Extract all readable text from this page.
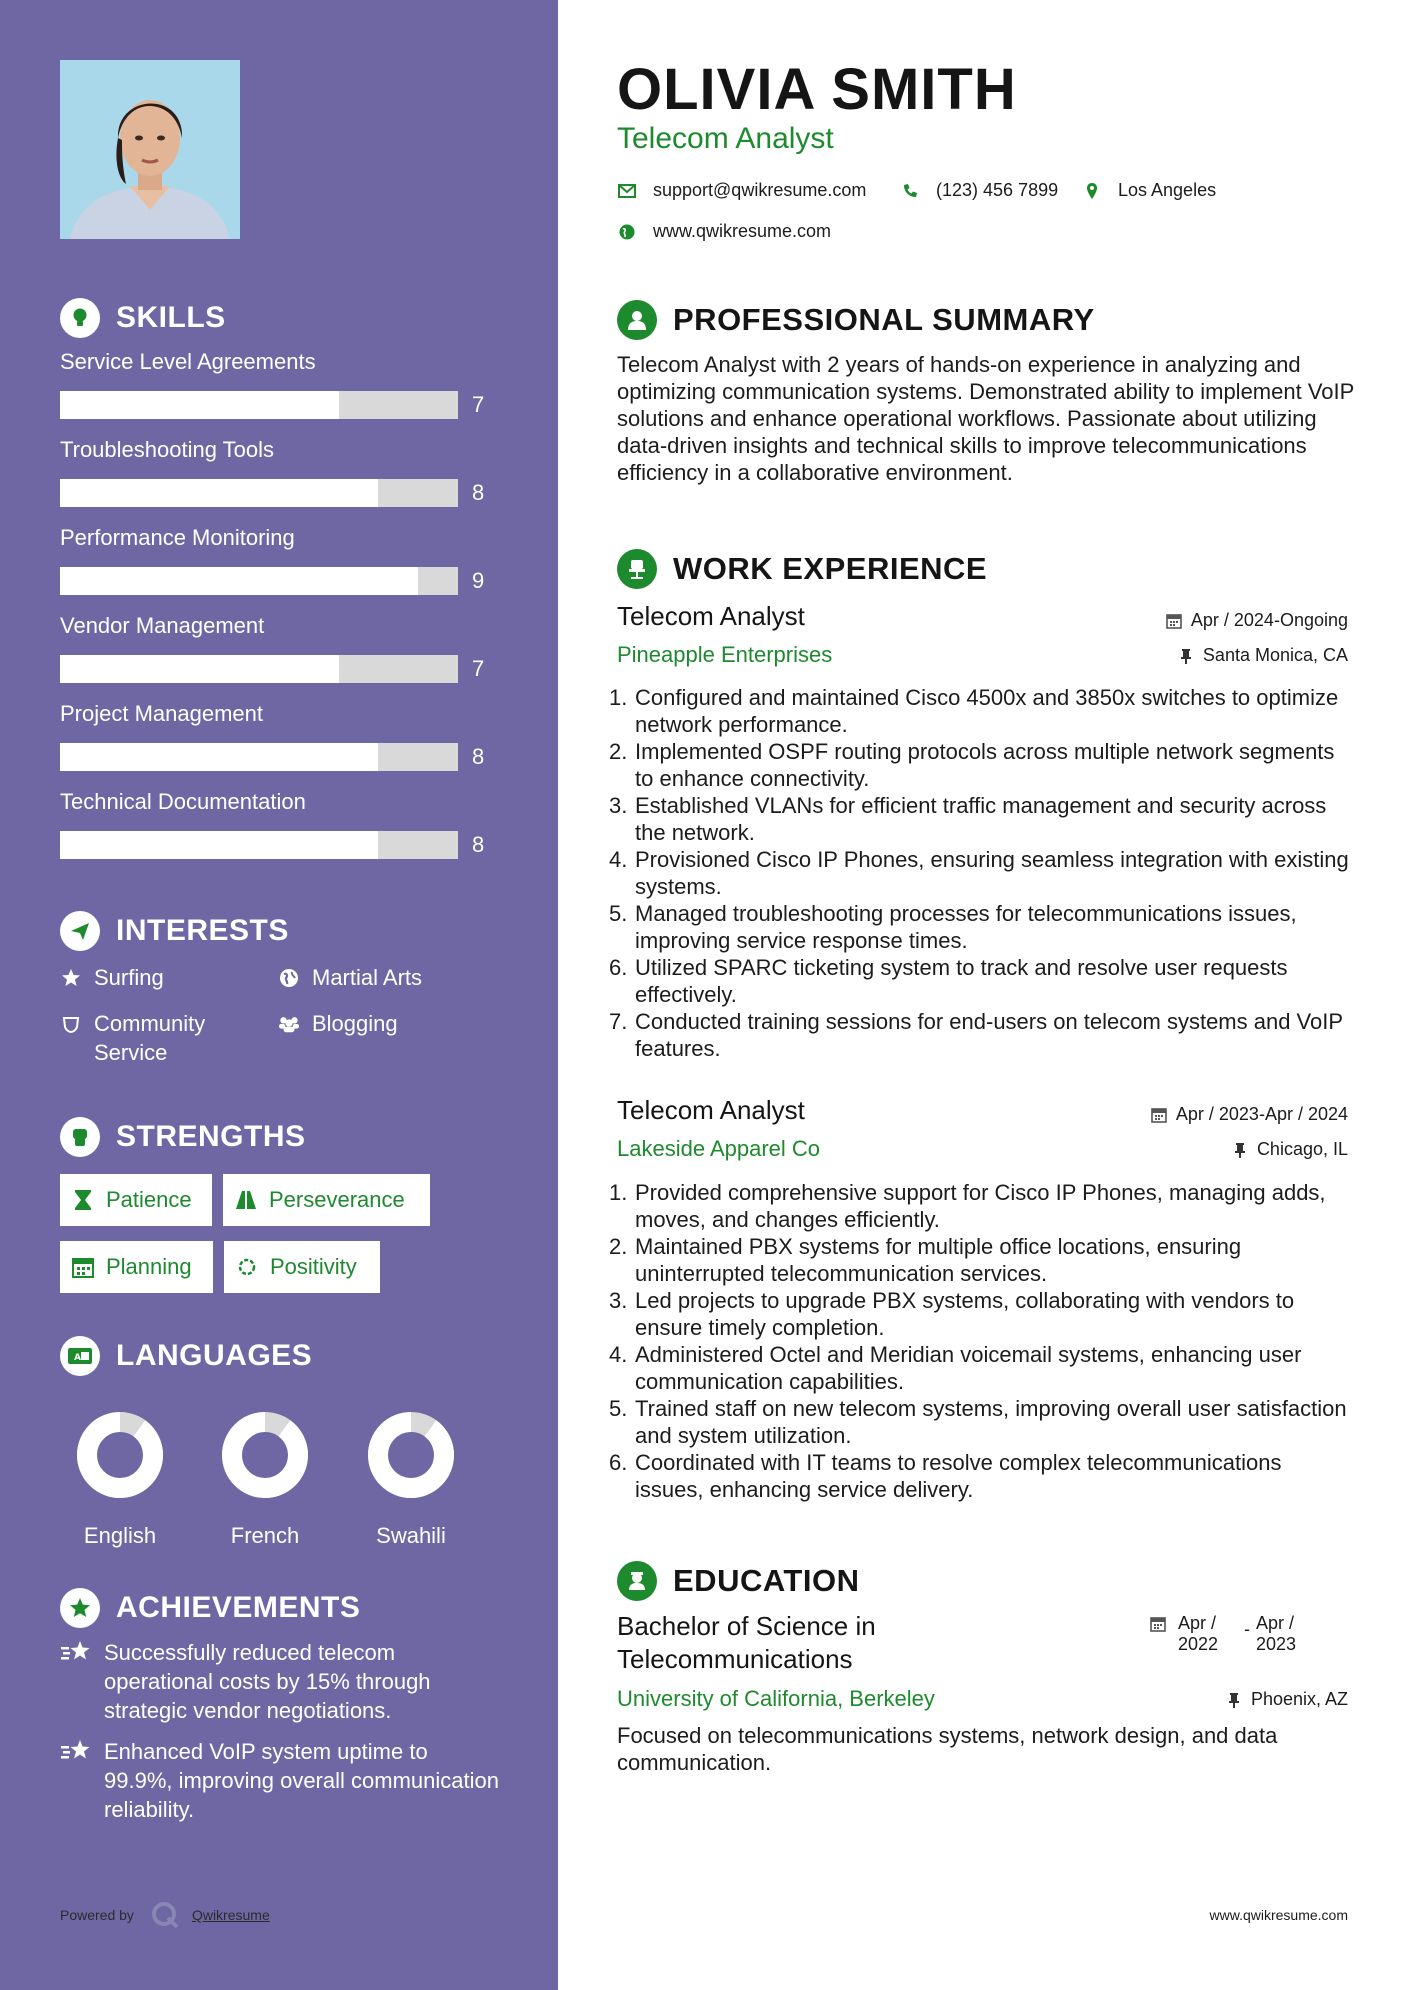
SKILLS
Service Level Agreements
7
Troubleshooting Tools
8
Performance Monitoring
9
Vendor Management
7
Project Management
8
Technical Documentation
8
INTERESTS
Surfing	Martial Arts
Community Service
Blogging
STRENGTHS
Patience	Perseverance
Planning	Positivity
A LANGUAGES
English	French	Swahili
ACHIEVEMENTS
Successfully reduced telecom operational costs by 15% through strategic vendor negotiations.
Enhanced VoIP system uptime to 99.9%, improving overall communication reliability.
Powered by	Qwikresume
OLIVIA SMITH
Telecom Analyst
support@qwikresume.com	(123) 456 7899	Los Angeles
www.qwikresume.com
PROFESSIONAL SUMMARY
Telecom Analyst with 2 years of hands-on experience in analyzing and optimizing communication systems. Demonstrated ability to implement VoIP solutions and enhance operational workflows. Passionate about utilizing data-driven insights and technical skills to improve telecommunications efficiency in a collaborative environment.
WORK EXPERIENCE
Telecom Analyst	Apr / 2024-Ongoing
Pineapple Enterprises	Santa Monica, CA
1. Configured and maintained Cisco 4500x and 3850x switches to optimize network performance.
2. Implemented OSPF routing protocols across multiple network segments to enhance connectivity.
3. Established VLANs for efficient traffic management and security across the network.
4. Provisioned Cisco IP Phones, ensuring seamless integration with existing systems.
5. Managed troubleshooting processes for telecommunications issues, improving service response times.
6. Utilized SPARC ticketing system to track and resolve user requests effectively.
7. Conducted training sessions for end-users on telecom systems and VoIP features.
Telecom Analyst	Apr / 2023-Apr / 2024
Lakeside Apparel Co	Chicago, IL
1. Provided comprehensive support for Cisco IP Phones, managing adds, moves, and changes efficiently.
2. Maintained PBX systems for multiple office locations, ensuring uninterrupted telecommunication services.
3. Led projects to upgrade PBX systems, collaborating with vendors to ensure timely completion.
4. Administered Octel and Meridian voicemail systems, enhancing user communication capabilities.
5. Trained staff on new telecom systems, improving overall user satisfaction and system utilization.
6. Coordinated with IT teams to resolve complex telecommunications issues, enhancing service delivery.
EDUCATION
Bachelor of Science in Telecommunications
Apr /
2022
- Apr /
2023
University of California, Berkeley	Phoenix, AZ
Focused on telecommunications systems, network design, and data communication.
www.qwikresume.com
